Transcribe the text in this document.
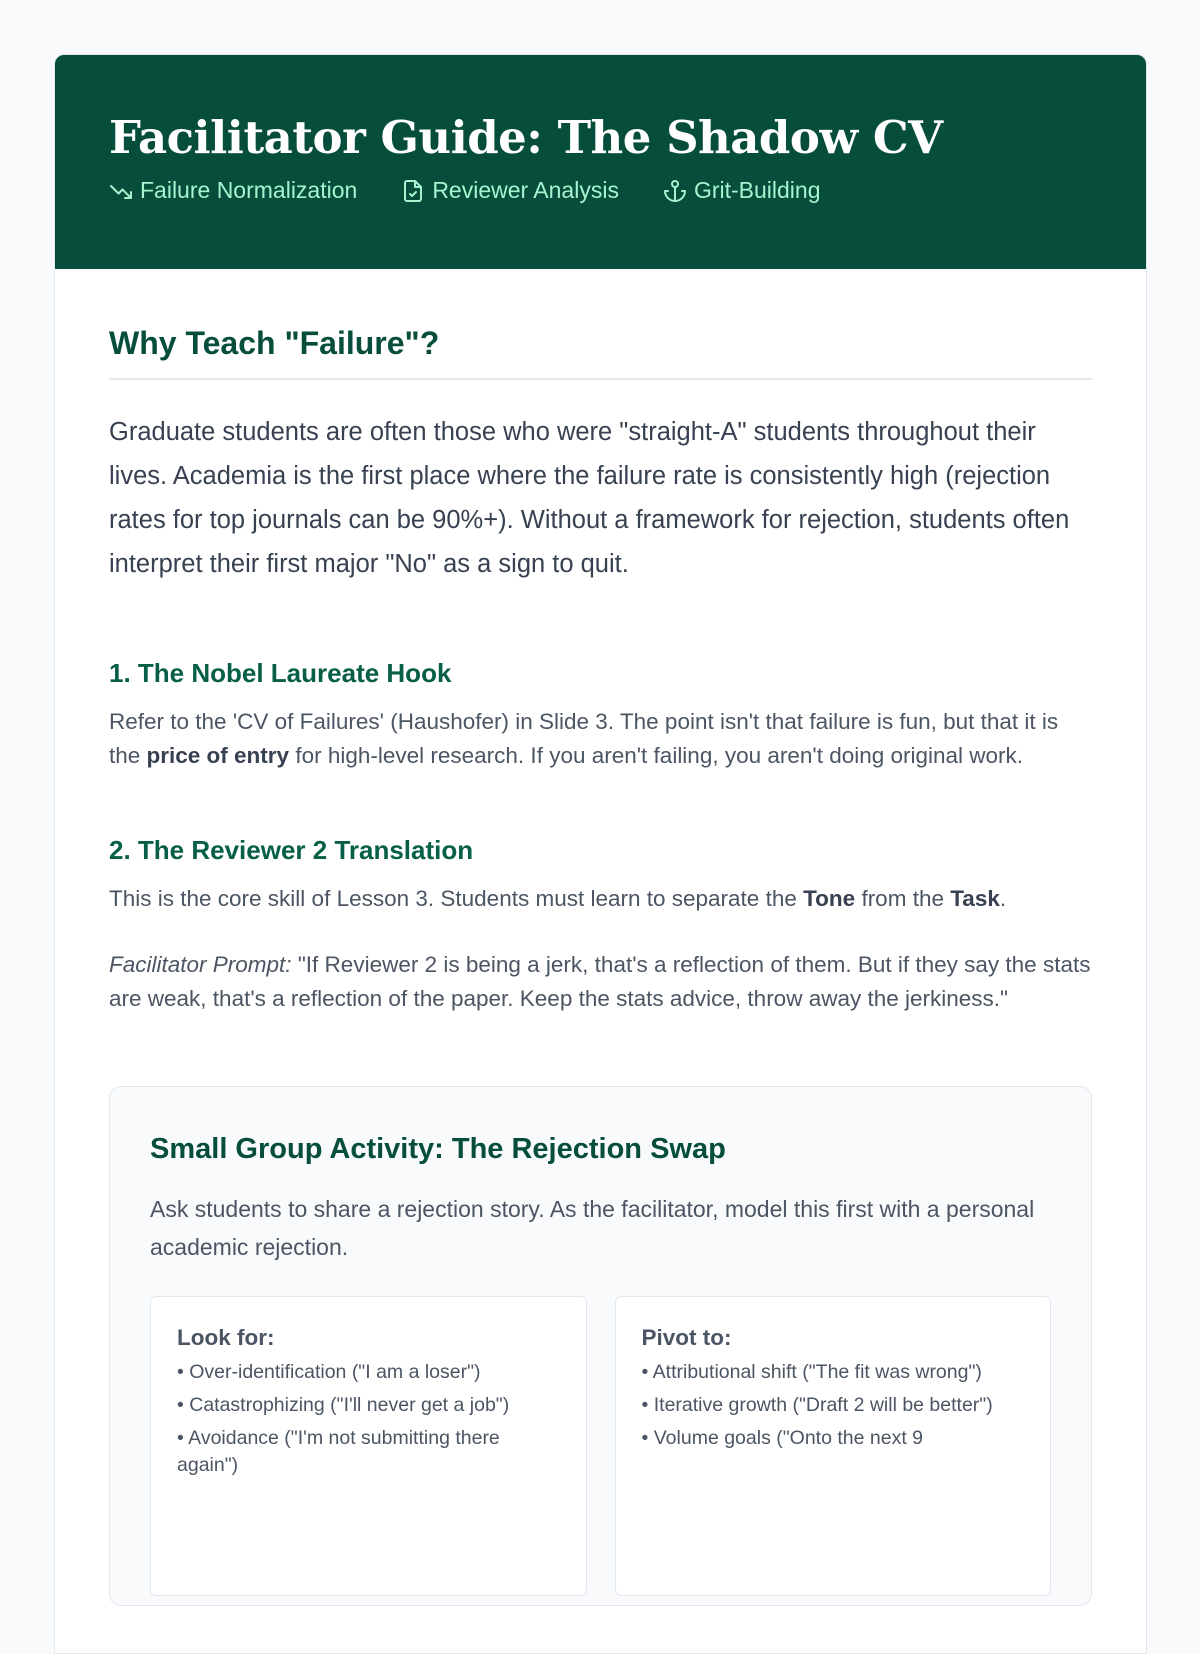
Facilitator Guide: The Shadow CV
Failure Normalization	Reviewer Analysis	Grit-Building
Why Teach "Failure"?

Graduate students are often those who were "straight-A" students throughout their lives. Academia is the first place where the failure rate is consistently high (rejection rates for top journals can be 90%+). Without a framework for rejection, students often interpret their first major "No" as a sign to quit.

1. The Nobel Laureate Hook

Refer to the 'CV of Failures' (Haushofer) in Slide 3. The point isn't that failure is fun, but that it is the price of entry for high-level research. If you aren't failing, you aren't doing original work.

2. The Reviewer 2 Translation

This is the core skill of Lesson 3. Students must learn to separate the Tone from the Task.

Facilitator Prompt: "If Reviewer 2 is being a jerk, that's a reflection of them. But if they say the stats are weak, that's a reflection of the paper. Keep the stats advice, throw away the jerkiness."

Small Group Activity: The Rejection Swap

Ask students to share a rejection story. As the facilitator, model this first with a personal academic rejection.

Look for:
• Over-identification ("I am a loser")
• Catastrophizing ("I'll never get a job")
• Avoidance ("I'm not submitting there again")
Pivot to:
• Attributional shift ("The fit was wrong")
• Iterative growth ("Draft 2 will be better")
• Volume goals ("Onto the next 9
